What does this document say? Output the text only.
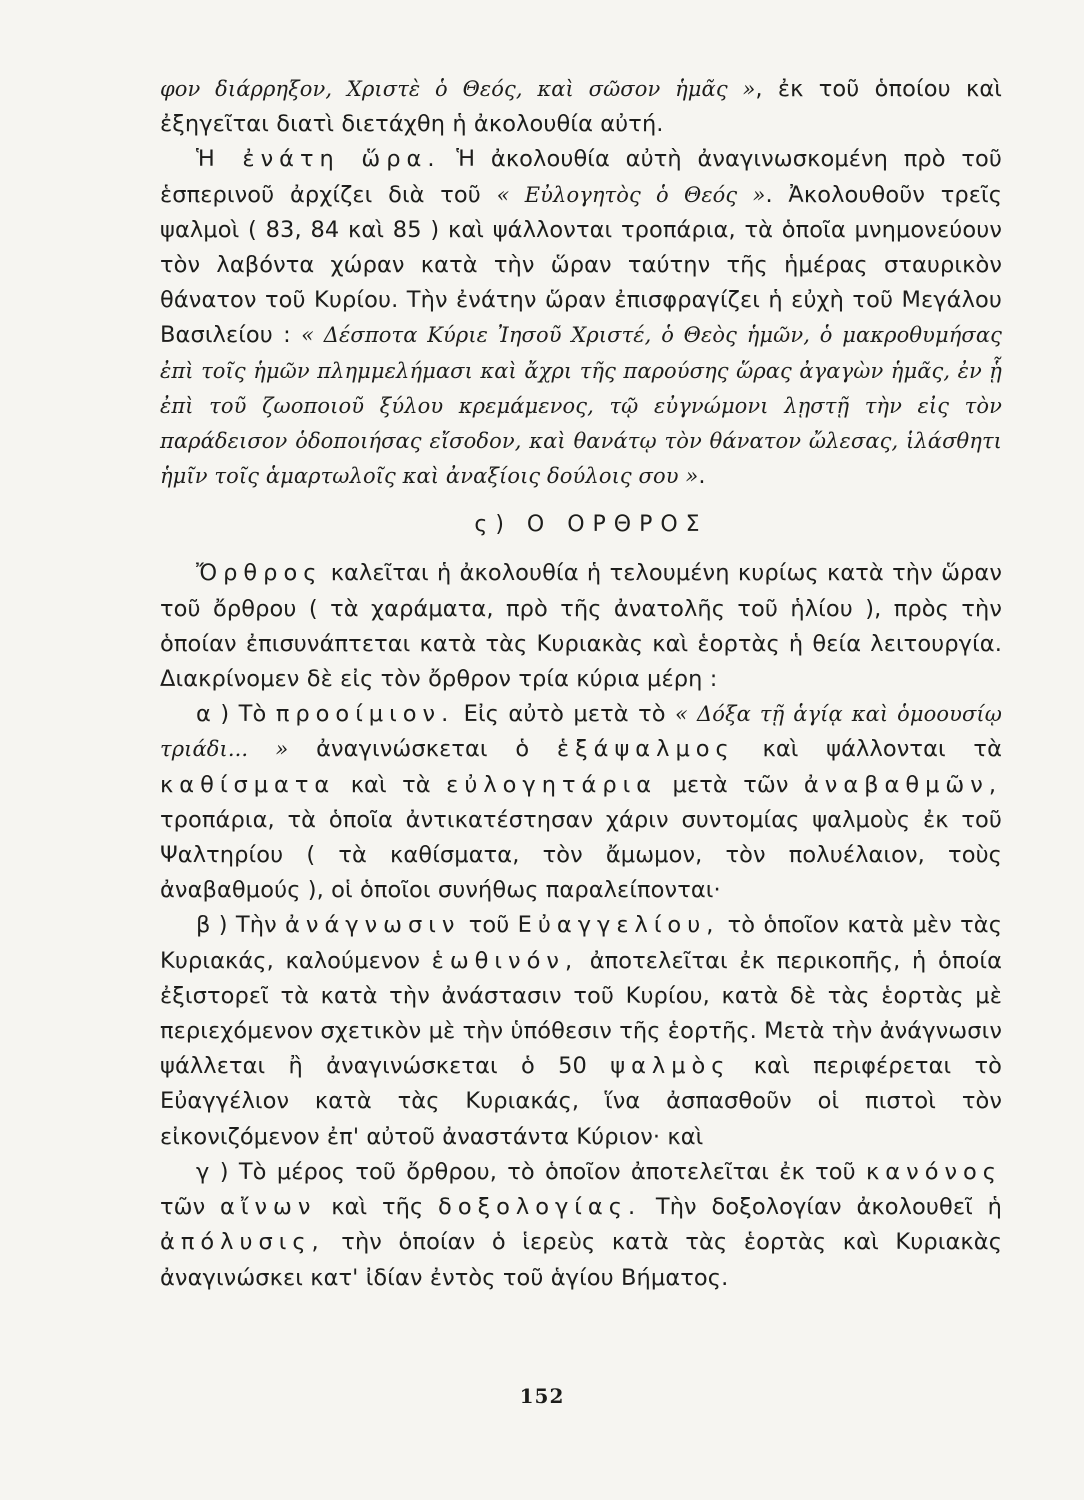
φον διάρρηξον, Χριστὲ ὁ Θεός, καὶ σῶσον ἡμᾶς », ἐκ τοῦ ὁποίου καὶ ἐξηγεῖται διατὶ διετάχθη ἡ ἀκολουθία αὐτή.

Ἡ ἐνάτη ὥρα. Ἡ ἀκολουθία αὐτὴ ἀναγινωσκομένη πρὸ τοῦ ἑσπερινοῦ ἀρχίζει διὰ τοῦ « Εὐλογητὸς ὁ Θεός ». Ἀκολουθοῦν τρεῖς ψαλμοὶ ( 83, 84 καὶ 85 ) καὶ ψάλλονται τροπάρια, τὰ ὁποῖα μνημονεύουν τὸν λαβόντα χώραν κατὰ τὴν ὥραν ταύτην τῆς ἡμέρας σταυρικὸν θάνατον τοῦ Κυρίου. Τὴν ἐνάτην ὥραν ἐπισφραγίζει ἡ εὐχὴ τοῦ Μεγάλου Βασιλείου : « Δέσποτα Κύριε Ἰησοῦ Χριστέ, ὁ Θεὸς ἡμῶν, ὁ μακροθυμήσας ἐπὶ τοῖς ἡμῶν πλημμελήμασι καὶ ἄχρι τῆς παρούσης ὥρας ἀγαγὼν ἡμᾶς, ἐν ᾗ ἐπὶ τοῦ ζωοποιοῦ ξύλου κρεμάμενος, τῷ εὐγνώμονι λῃστῇ τὴν εἰς τὸν παράδεισον ὁδοποιήσας εἴσοδον, καὶ θανάτῳ τὸν θάνατον ὤλεσας, ἱλάσθητι ἡμῖν τοῖς ἁμαρτωλοῖς καὶ ἀναξίοις δούλοις σου ».

ς) Ο ΟΡΘΡΟΣ

Ὄρθρος καλεῖται ἡ ἀκολουθία ἡ τελουμένη κυρίως κατὰ τὴν ὥραν τοῦ ὄρθρου ( τὰ χαράματα, πρὸ τῆς ἀνατολῆς τοῦ ἡλίου ), πρὸς τὴν ὁποίαν ἐπισυνάπτεται κατὰ τὰς Κυριακὰς καὶ ἑορτὰς ἡ θεία λειτουργία. Διακρίνομεν δὲ εἰς τὸν ὄρθρον τρία κύρια μέρη :

α ) Τὸ προοίμιον. Εἰς αὐτὸ μετὰ τὸ « Δόξα τῇ ἁγίᾳ καὶ ὁμοουσίῳ τριάδι... » ἀναγινώσκεται ὁ ἑξάψαλμος καὶ ψάλλονται τὰ καθίσματα καὶ τὰ εὐλογητάρια μετὰ τῶν ἀναβαθμῶν, τροπάρια, τὰ ὁποῖα ἀντικατέστησαν χάριν συντομίας ψαλμοὺς ἐκ τοῦ Ψαλτηρίου ( τὰ καθίσματα, τὸν ἄμωμον, τὸν πολυέλαιον, τοὺς ἀναβαθμούς ), οἱ ὁποῖοι συνήθως παραλείπονται·

β ) Τὴν ἀνάγνωσιν τοῦ Εὐαγγελίου, τὸ ὁποῖον κατὰ μὲν τὰς Κυριακάς, καλούμενον ἑωθινόν, ἀποτελεῖται ἐκ περικοπῆς, ἡ ὁποία ἐξιστορεῖ τὰ κατὰ τὴν ἀνάστασιν τοῦ Κυρίου, κατὰ δὲ τὰς ἑορτὰς μὲ περιεχόμενον σχετικὸν μὲ τὴν ὑπόθεσιν τῆς ἑορτῆς. Μετὰ τὴν ἀνάγνωσιν ψάλλεται ἢ ἀναγινώσκεται ὁ 50 ψαλμὸς καὶ περιφέρεται τὸ Εὐαγγέλιον κατὰ τὰς Κυριακάς, ἵνα ἀσπασθοῦν οἱ πιστοὶ τὸν εἰκονιζόμενον ἐπ' αὐτοῦ ἀναστάντα Κύριον· καὶ

γ ) Τὸ μέρος τοῦ ὄρθρου, τὸ ὁποῖον ἀποτελεῖται ἐκ τοῦ κανόνος τῶν αἴνων καὶ τῆς δοξολογίας. Τὴν δοξολογίαν ἀκολουθεῖ ἡ ἀπόλυσις, τὴν ὁποίαν ὁ ἱερεὺς κατὰ τὰς ἑορτὰς καὶ Κυριακὰς ἀναγινώσκει κατ' ἰδίαν ἐντὸς τοῦ ἁγίου Βήματος.

152
